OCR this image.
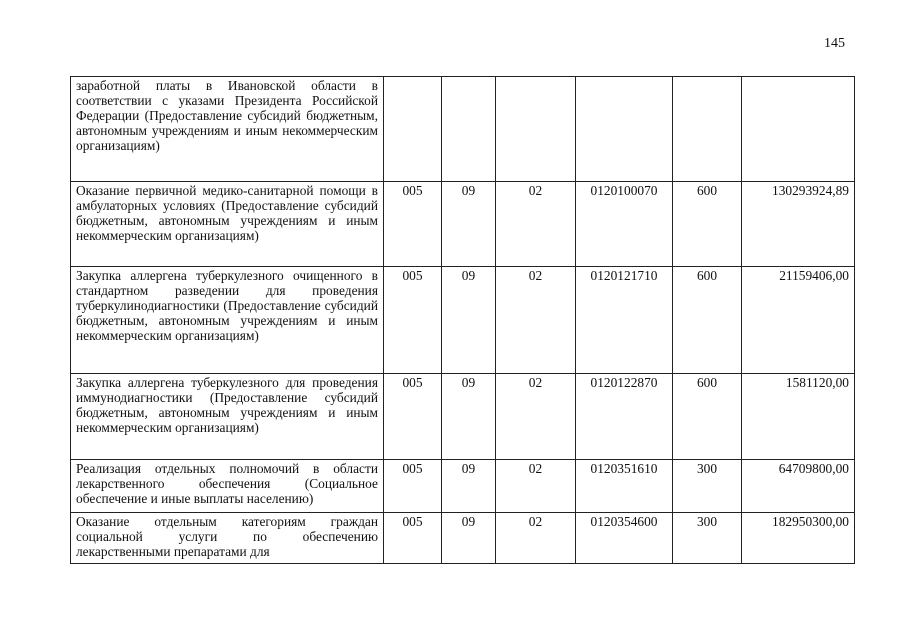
145
заработной платы в Ивановской области в соответствии с указами Президента Российской Федерации (Предоставление субсидий бюджетным, автономным учреждениям и иным некоммерческим организациям)						
Оказание первичной медико-санитарной помощи в амбулаторных условиях (Предоставление субсидий бюджетным, автономным учреждениям и иным некоммерческим организациям)	005	09	02	0120100070	600	130293924,89
Закупка аллергена туберкулезного очищенного в стандартном разведении для проведения туберкулинодиагностики (Предоставление субсидий бюджетным, автономным учреждениям и иным некоммерческим организациям)	005	09	02	0120121710	600	21159406,00
Закупка аллергена туберкулезного для проведения иммунодиагностики (Предоставление субсидий бюджетным, автономным учреждениям и иным некоммерческим организациям)	005	09	02	0120122870	600	1581120,00
Реализация отдельных полномочий в области лекарственного обеспечения (Социальное обеспечение и иные выплаты населению)	005	09	02	0120351610	300	64709800,00
Оказание отдельным категориям граждан социальной услуги по обеспечению лекарственными препаратами для	005	09	02	0120354600	300	182950300,00
